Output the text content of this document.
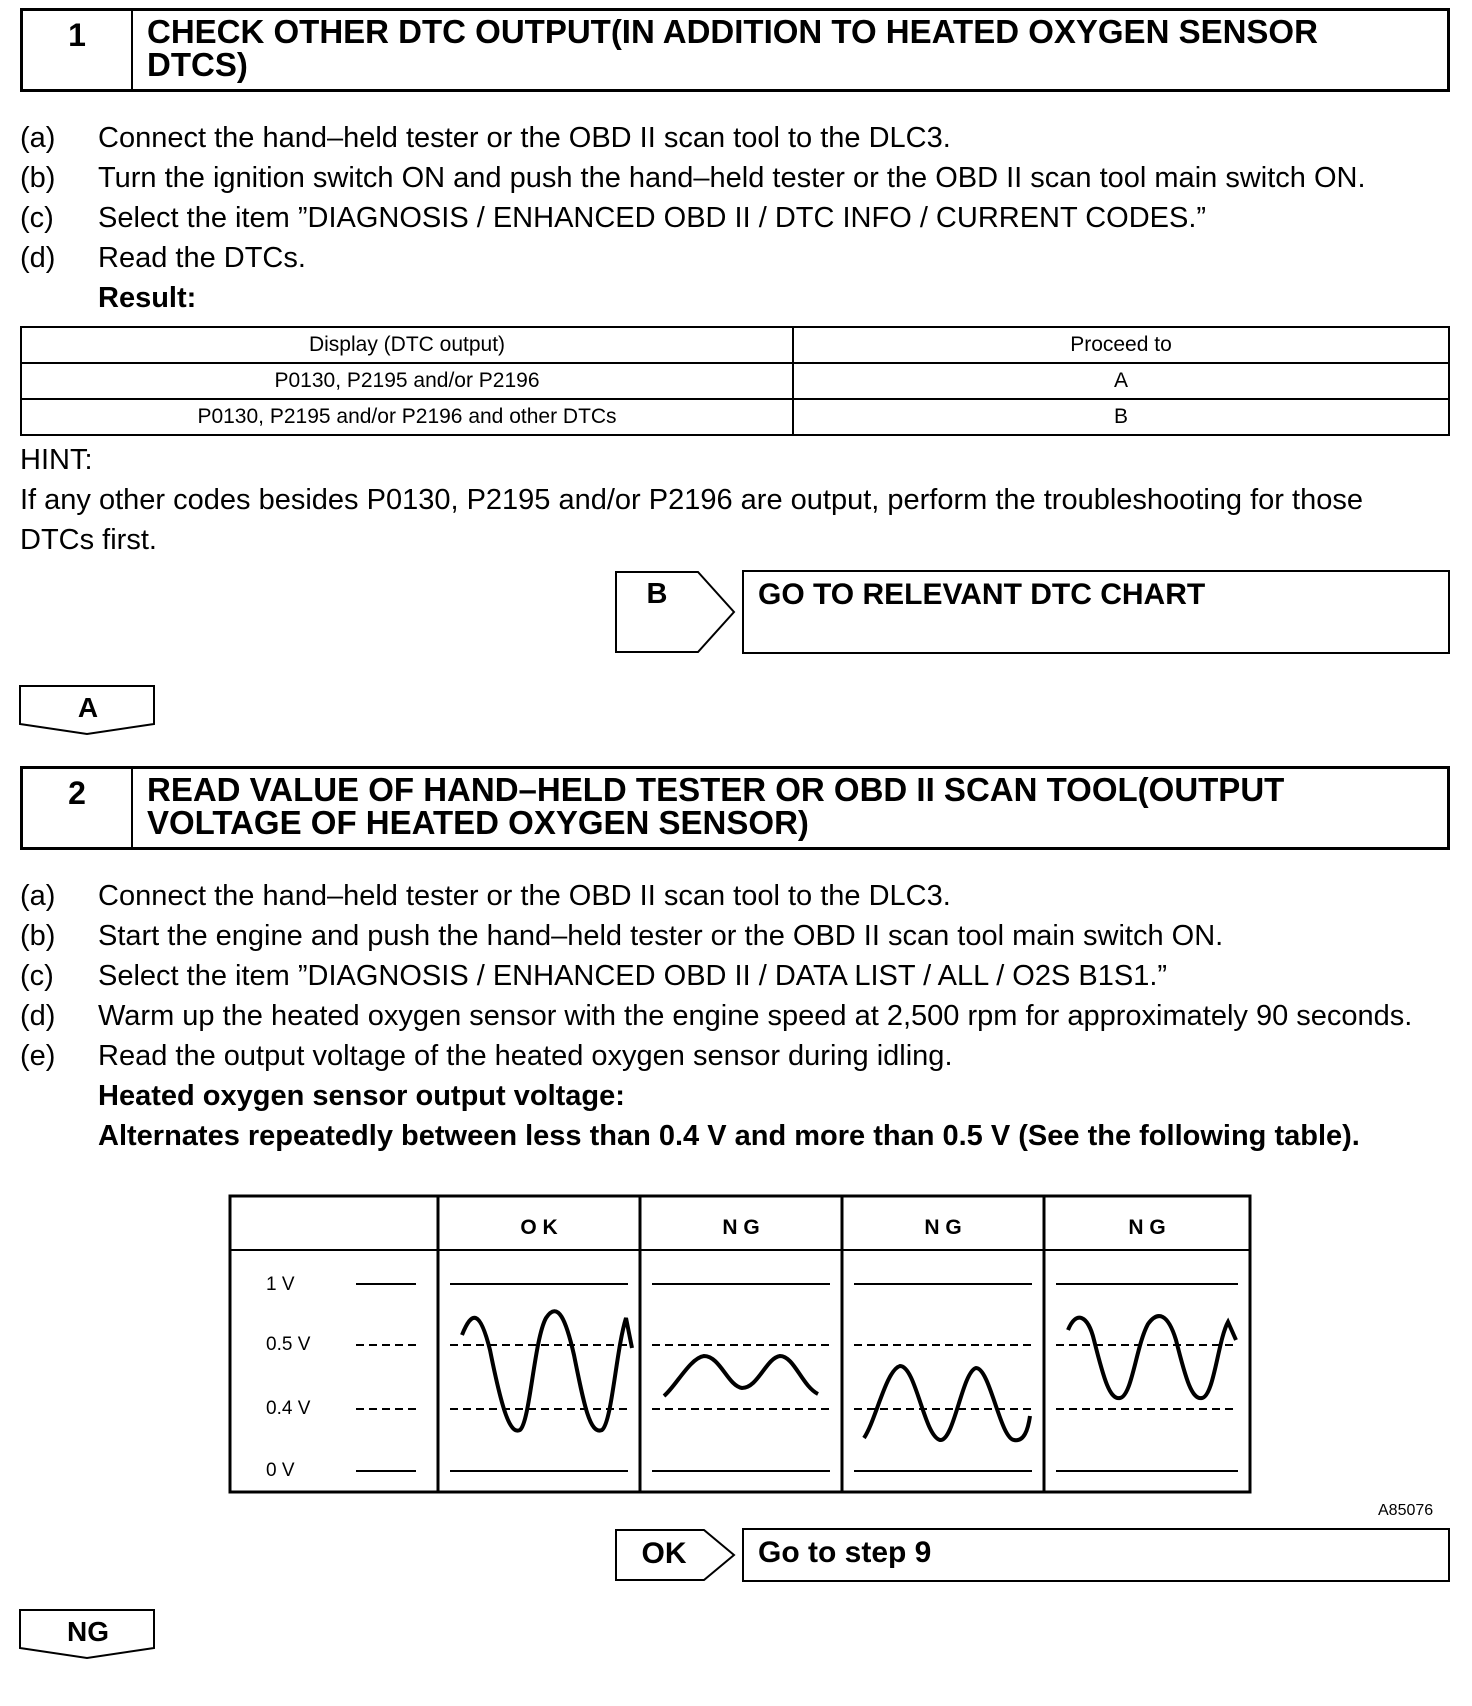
1	CHECK OTHER DTC OUTPUT(IN ADDITION TO HEATED OXYGEN SENSOR
DTCS)
(a) Connect the hand–held tester or the OBD II scan tool to the DLC3.
(b) Turn the ignition switch ON and push the hand–held tester or the OBD II scan tool main switch ON.
(c) Select the item ”DIAGNOSIS / ENHANCED OBD II / DTC INFO / CURRENT CODES.”
(d) Read the DTCs.
Result:
Display (DTC output)	Proceed to
P0130, P2195 and/or P2196	A
P0130, P2195 and/or P2196 and other DTCs	B
HINT:
If any other codes besides P0130, P2195 and/or P2196 are output, perform the troubleshooting for those
DTCs first.
B	GO TO RELEVANT DTC CHART
A
2	READ VALUE OF HAND–HELD TESTER OR OBD II SCAN TOOL(OUTPUT
VOLTAGE OF HEATED OXYGEN SENSOR)
(a) Connect the hand–held tester or the OBD II scan tool to the DLC3.
(b) Start the engine and push the hand–held tester or the OBD II scan tool main switch ON.
(c) Select the item ”DIAGNOSIS / ENHANCED OBD II / DATA LIST / ALL / O2S B1S1.”
(d) Warm up the heated oxygen sensor with the engine speed at 2,500 rpm for approximately 90 seconds.
(e) Read the output voltage of the heated oxygen sensor during idling.
Heated oxygen sensor output voltage:
Alternates repeatedly between less than 0.4 V and more than 0.5 V (See the following table).
O K	N G	N G	N G
1 V
0.5 V
0.4 V
0 V
A85076
OK	Go to step 9
NG
